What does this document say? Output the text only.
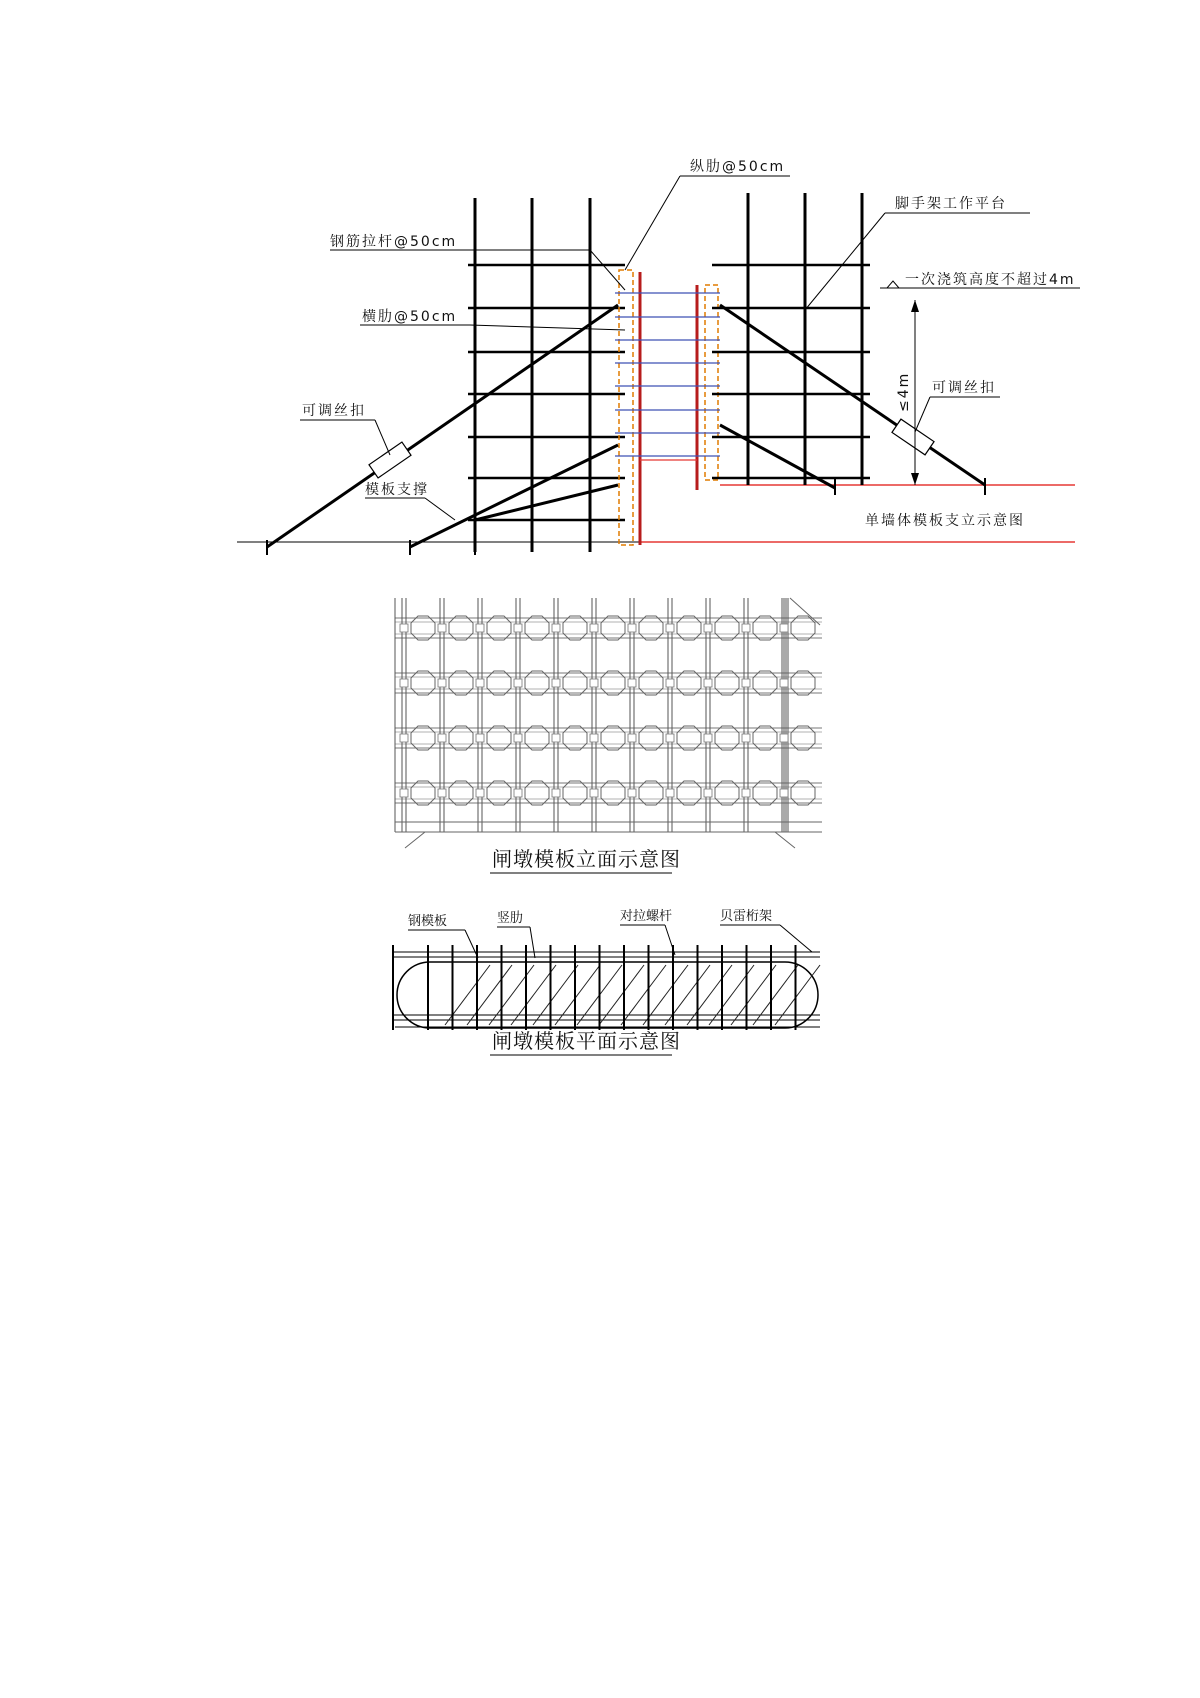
纵肋@50cm
钢筋拉杆@50cm
横肋@50cm
可调丝扣
模板支撑
脚手架工作平台
一次浇筑高度不超过4m
≤4m 可调丝扣
单墙体模板支立示意图
闸墩模板立面示意图
钢模板	竖肋	对拉螺杆	贝雷桁架
闸墩模板平面示意图
